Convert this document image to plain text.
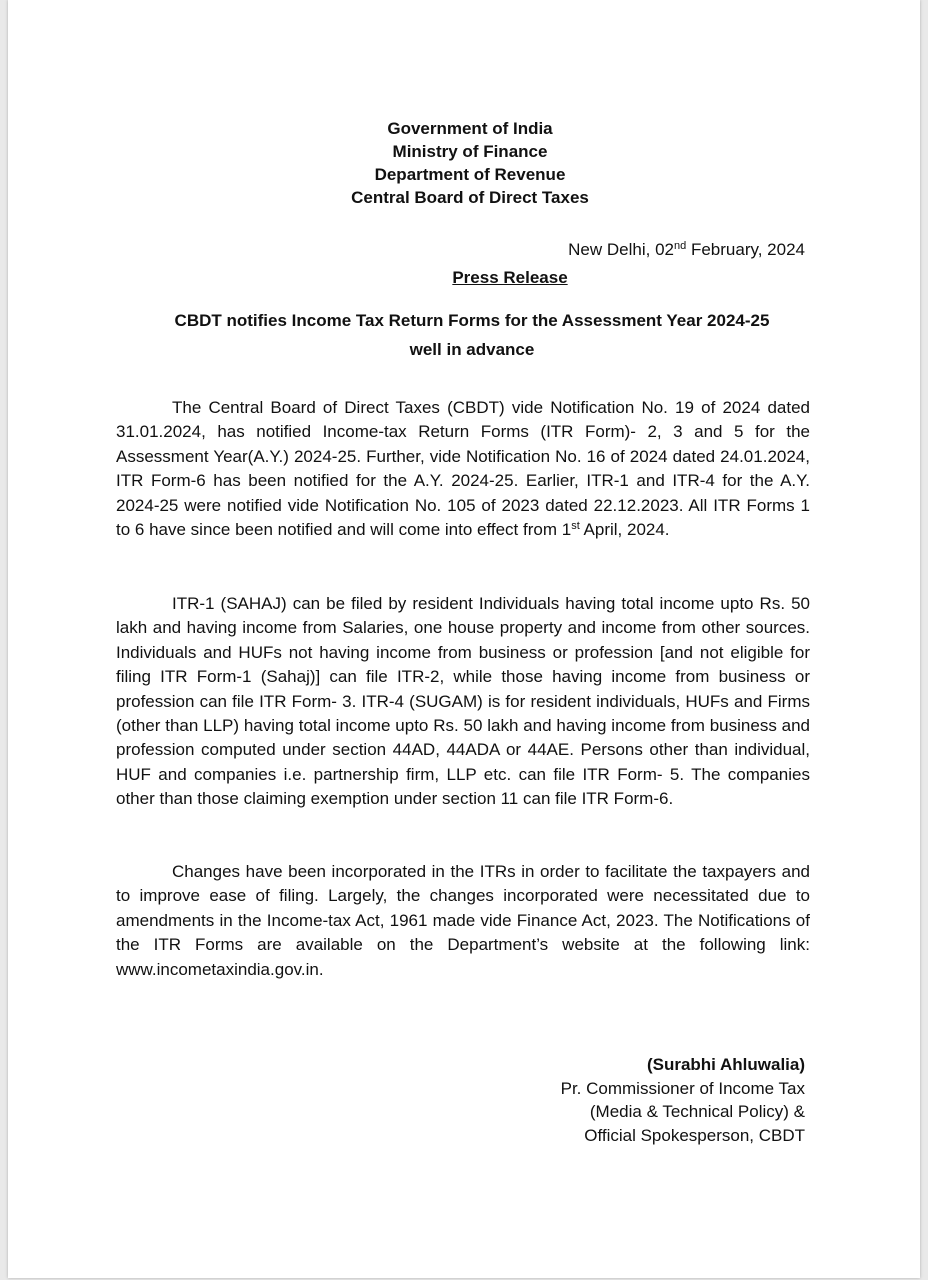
Government of India
Ministry of Finance
Department of Revenue
Central Board of Direct Taxes
New Delhi, 02nd February, 2024
Press Release
CBDT notifies Income Tax Return Forms for the Assessment Year 2024-25
well in advance

The Central Board of Direct Taxes (CBDT) vide Notification No. 19 of 2024 dated 31.01.2024, has notified Income-tax Return Forms (ITR Form)- 2, 3 and 5 for the Assessment Year(A.Y.) 2024-25. Further, vide Notification No. 16 of 2024 dated 24.01.2024, ITR Form-6 has been notified for the A.Y. 2024-25. Earlier, ITR-1 and ITR-4 for the A.Y. 2024-25 were notified vide Notification No. 105 of 2023 dated 22.12.2023. All ITR Forms 1 to 6 have since been notified and will come into effect from 1st April, 2024.

ITR-1 (SAHAJ) can be filed by resident Individuals having total income upto Rs. 50 lakh and having income from Salaries, one house property and income from other sources. Individuals and HUFs not having income from business or profession [and not eligible for filing ITR Form-1 (Sahaj)] can file ITR-2, while those having income from business or profession can file ITR Form- 3. ITR-4 (SUGAM) is for resident individuals, HUFs and Firms (other than LLP) having total income upto Rs. 50 lakh and having income from business and profession computed under section 44AD, 44ADA or 44AE. Persons other than individual, HUF and companies i.e. partnership firm, LLP etc. can file ITR Form- 5. The companies other than those claiming exemption under section 11 can file ITR Form-6.

Changes have been incorporated in the ITRs in order to facilitate the taxpayers and to improve ease of filing. Largely, the changes incorporated were necessitated due to amendments in the Income-tax Act, 1961 made vide Finance Act, 2023. The Notifications of the ITR Forms are available on the Department’s website at the following link: www.incometaxindia.gov.in.

(Surabhi Ahluwalia)
Pr. Commissioner of Income Tax
(Media & Technical Policy) &
Official Spokesperson, CBDT
